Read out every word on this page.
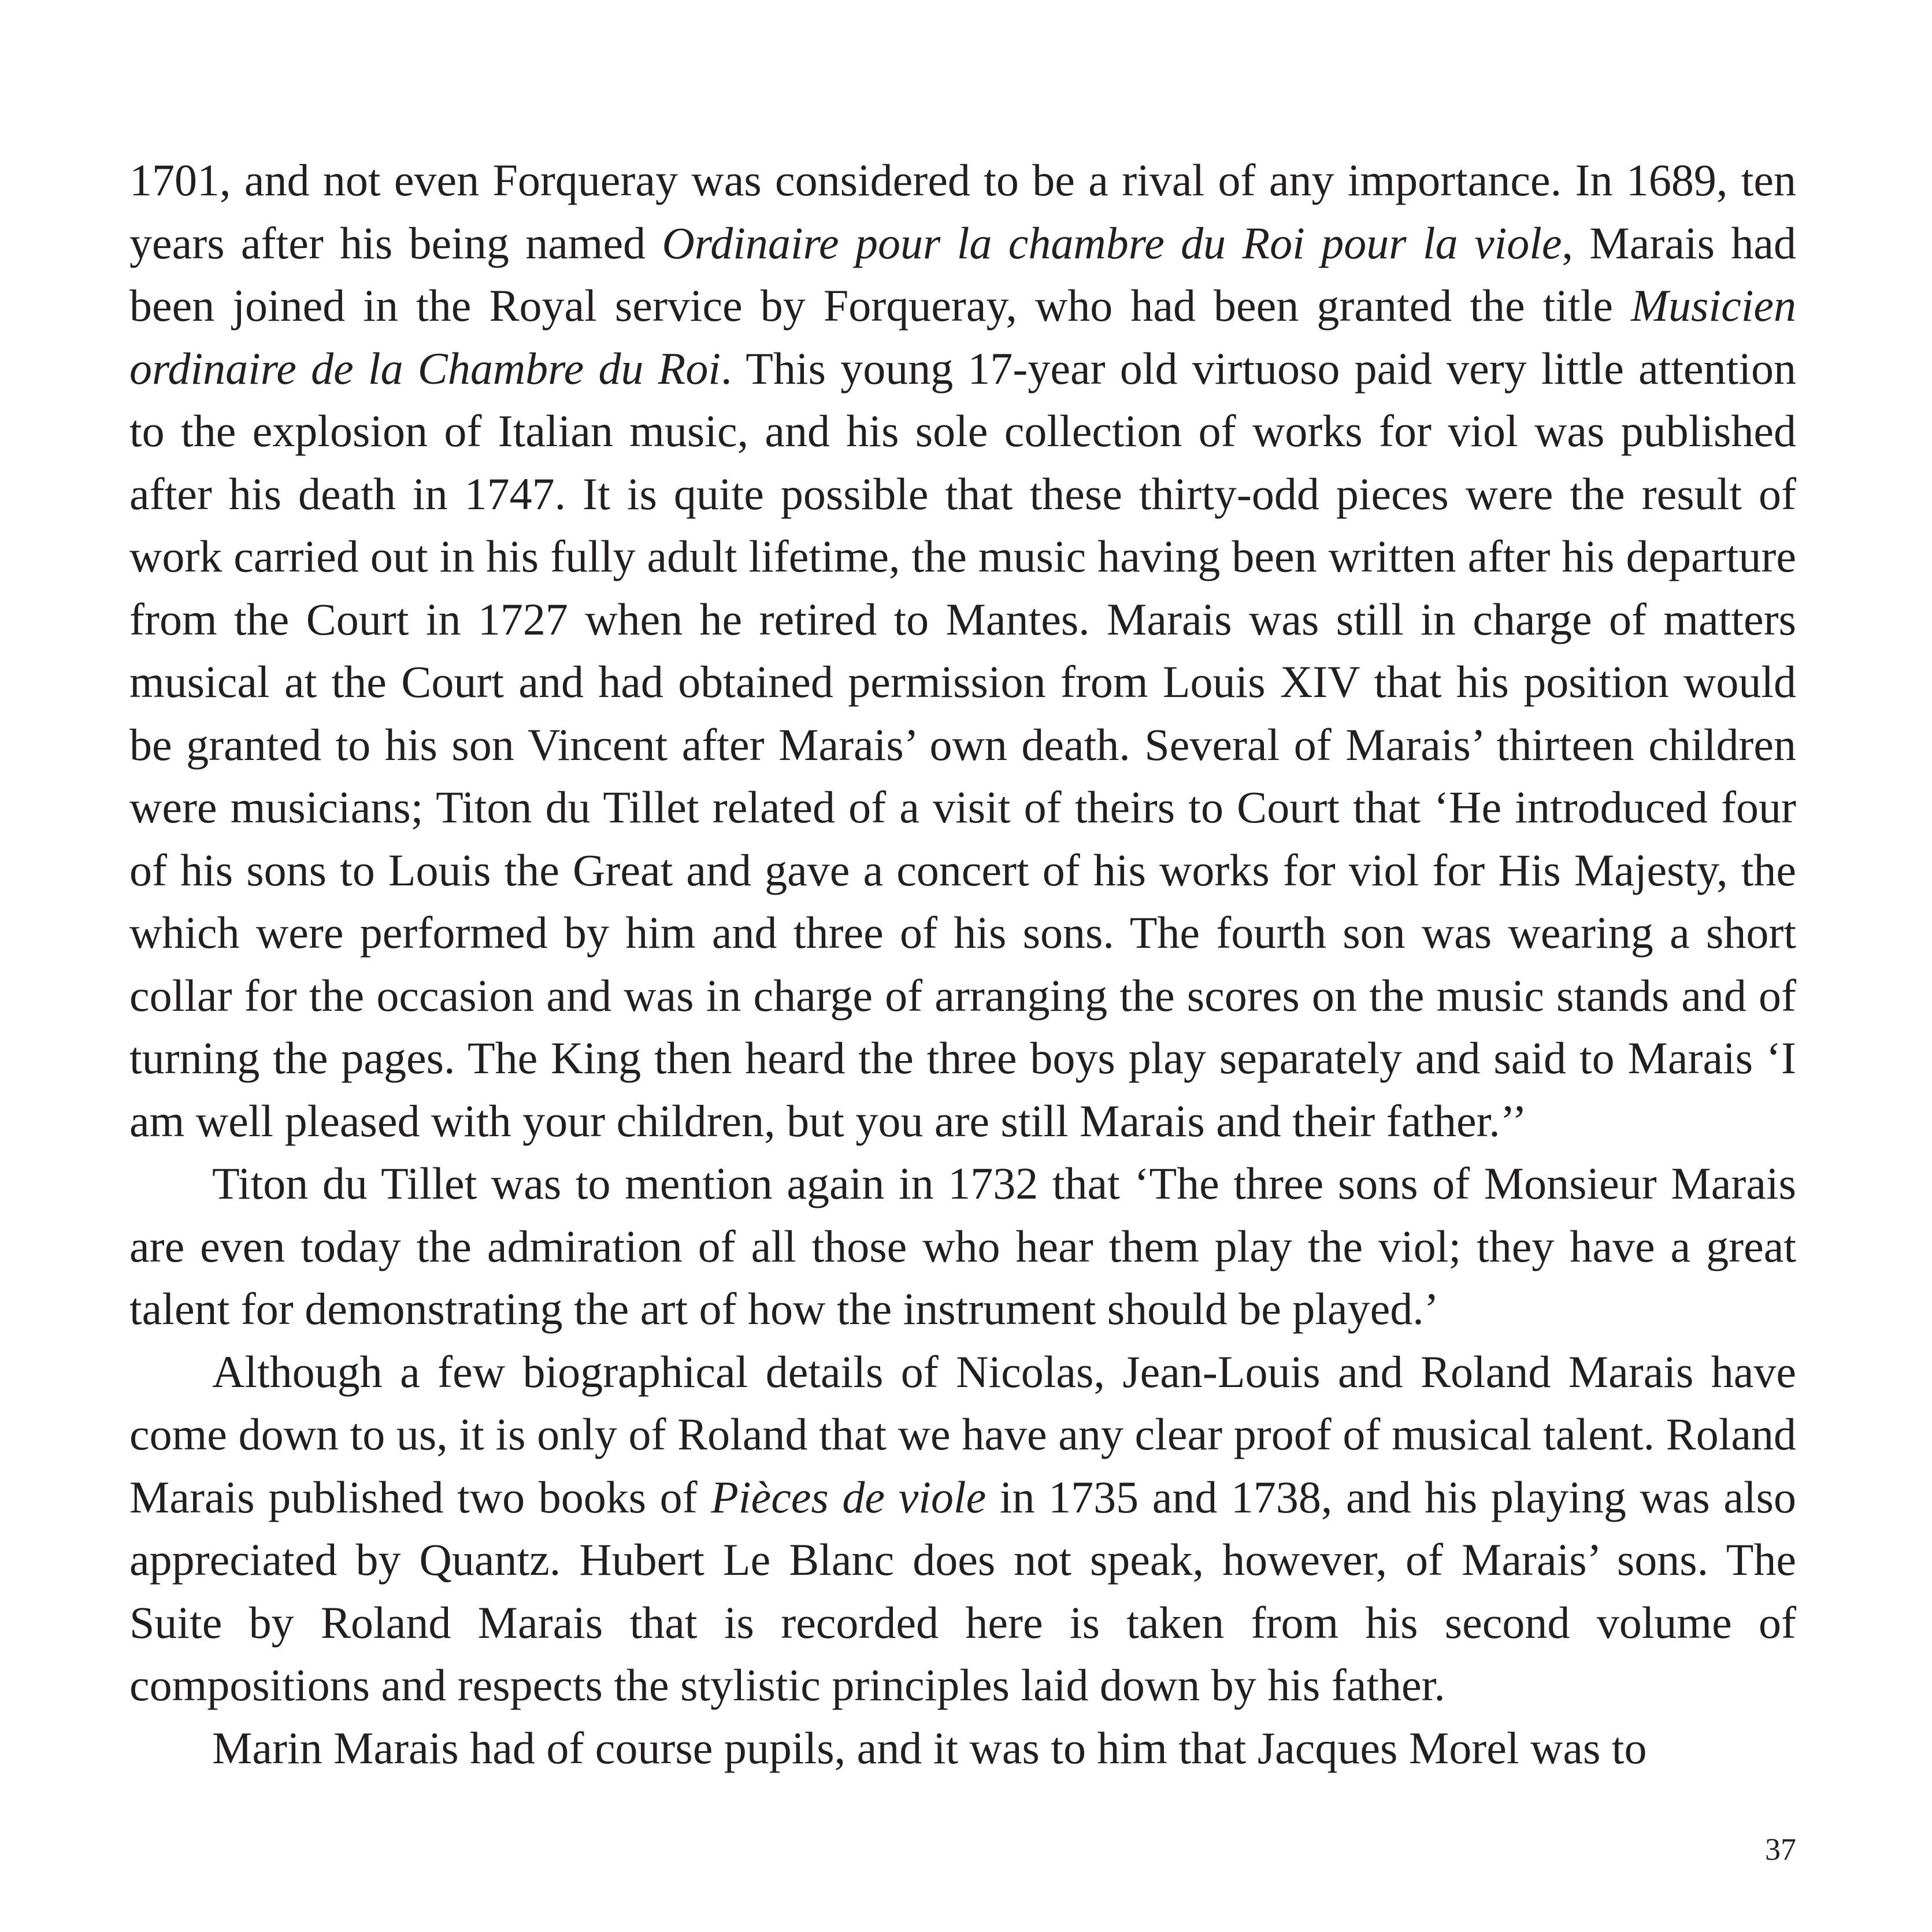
1701, and not even Forqueray was considered to be a rival of any importance. In 1689, ten years after his being named Ordinaire pour la chambre du Roi pour la viole, Marais had been joined in the Royal service by Forqueray, who had been granted the title Musicien ordinaire de la Chambre du Roi. This young 17-year old virtuoso paid very little attention to the explosion of Italian music, and his sole collection of works for viol was published after his death in 1747. It is quite possible that these thirty-odd pieces were the result of work carried out in his fully adult lifetime, the music having been written after his departure from the Court in 1727 when he retired to Mantes. Marais was still in charge of matters musical at the Court and had obtained permission from Louis XIV that his position would be granted to his son Vincent after Marais’ own death. Several of Marais’ thirteen children were musicians; Titon du Tillet related of a visit of theirs to Court that ‘He introduced four of his sons to Louis the Great and gave a concert of his works for viol for His Majesty, the which were performed by him and three of his sons. The fourth son was wearing a short collar for the occasion and was in charge of arranging the scores on the music stands and of turning the pages. The King then heard the three boys play separately and said to Marais ‘I am well pleased with your children, but you are still Marais and their father.’’

Titon du Tillet was to mention again in 1732 that ‘The three sons of Monsieur Marais are even today the admiration of all those who hear them play the viol; they have a great talent for demonstrating the art of how the instrument should be played.’

Although a few biographical details of Nicolas, Jean-Louis and Roland Marais have come down to us, it is only of Roland that we have any clear proof of musical talent. Roland Marais published two books of Pièces de viole in 1735 and 1738, and his playing was also appreciated by Quantz. Hubert Le Blanc does not speak, however, of Marais’ sons. The Suite by Roland Marais that is recorded here is taken from his second volume of compositions and respects the stylistic principles laid down by his father.

Marin Marais had of course pupils, and it was to him that Jacques Morel was to

37
